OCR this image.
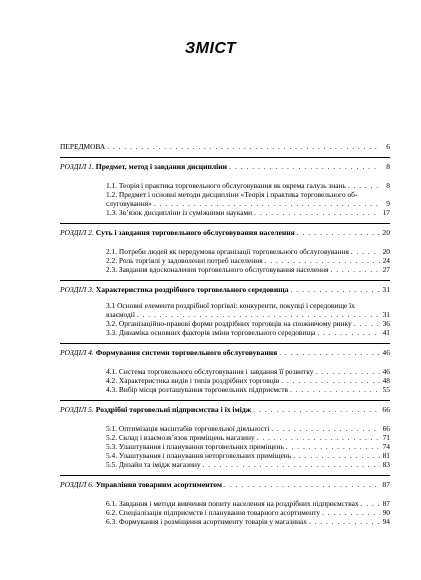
ЗМІСТ
ПЕРЕДМОВА . . .	6
РОЗДІЛ 1. Предмет, метод і завдання дисципліни . . .	8
1.1. Теорія і практика торговельного обслуговування як окрема галузь знань . . .	8
1.2. Предмет і основні методи дисципліни «Теорія і практика торговельного об-
слуговування» . . .	9
1.3. Зв’язок дисципліни із суміжними науками . . .	17
РОЗДІЛ 2. Суть і завдання торговельного обслуговування населення . . .	20
2.1. Потреби людей як передумова організації торговельного обслуговування . . .	20
2.2. Роль торгівлі у задоволенні потреб населення . . .	24
2.3. Завдання вдосконалення торговельного обслуговування населення . . .	27
РОЗДІЛ 3. Характеристика роздрібного торговельного середовища . . .	31
3.1 Основні елементи роздрібної торгівлі: конкуренти, покупці і середовище їх
взаємодії . . .	31
3.2. Організаційно-правові форми роздрібних торговців на споживчому ринку . . .	36
3.3. Динаміка основних факторів зміни торговельного середовища . . .	41
РОЗДІЛ 4. Формування системи торговельного обслуговування . . .	46
4.1. Система торговельного обслуговування і завдання її розвитку . . .	46
4.2. Характеристика видів і типів роздрібних торговців . . .	48
4.3. Вибір місця розташування торговельних підприємств . . .	55
РОЗДІЛ 5. Роздрібні торговельні підприємства і їх імідж . . .	66
5.1. Оптимізація масштабів торговельної діяльності . . .	66
5.2. Склад і взаємозв’язок приміщень магазину . . .	71
5.3. Улаштування і планування торговельних приміщень . . .	74
5.4. Улаштування і планування неторговельних приміщень . . .	81
5.5. Дизайн та імідж магазину . . .	83
РОЗДІЛ 6. Управління товарним асортиментом . . .	87
6.1. Завдання і методи вивчення попиту населення на роздрібних підприємствах . . .	87
6.2. Спеціалізація підприємств і планування товарного асортименту . . .	90
6.3. Формування і розміщення асортименту товарів у магазинах . . .	94
